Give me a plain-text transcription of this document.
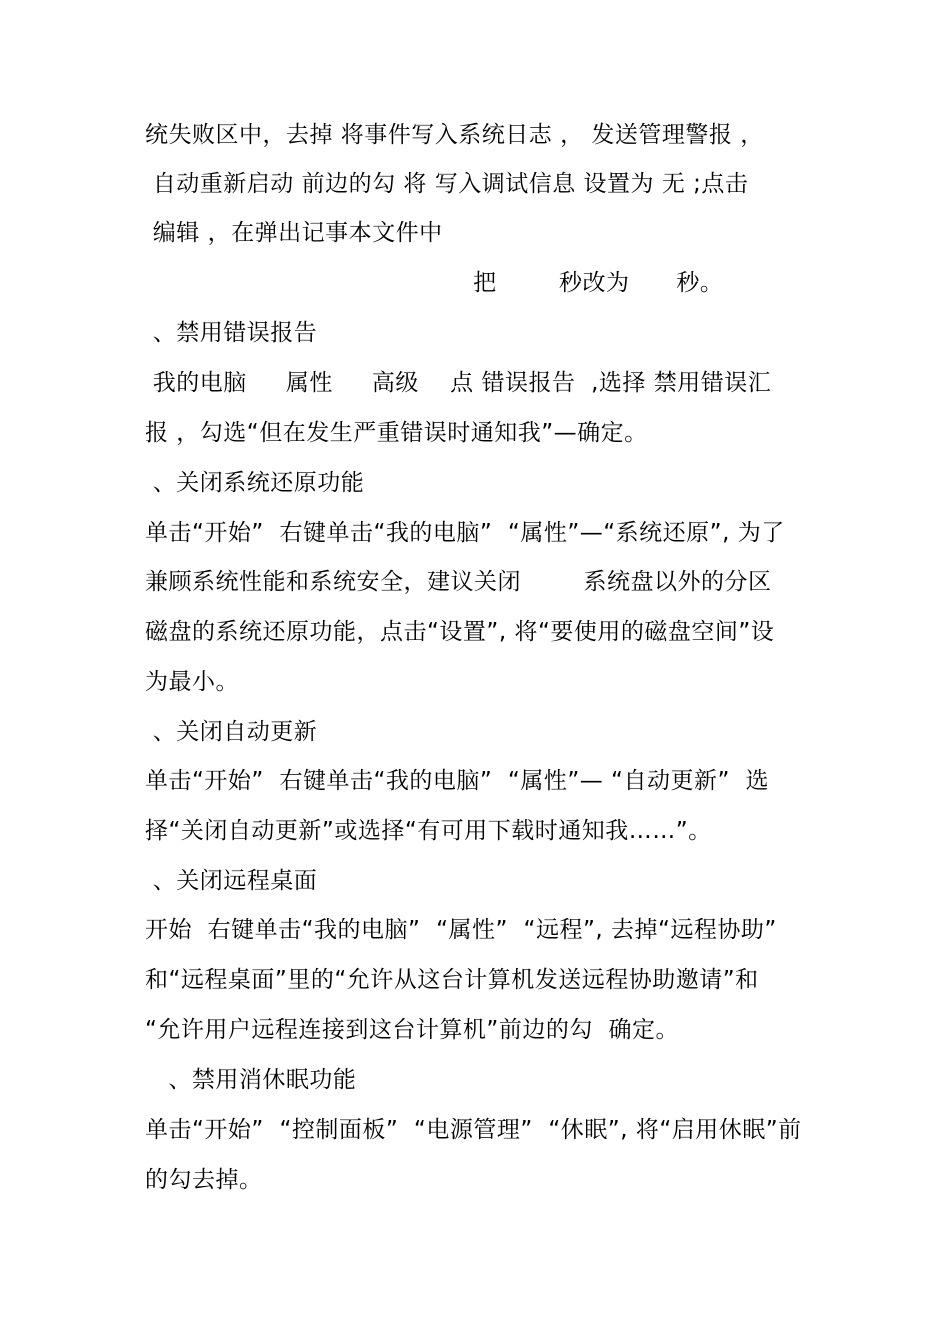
统失败区中，去掉 将事件写入系统日志 ， 发送管理警报 ，
自动重新启动 前边的勾 将 写入调试信息 设置为 无 ;点击
编辑 ，在弹出记事本文件中
把        秒改为      秒。
、禁用错误报告
我的电脑     属性     高级    点 错误报告  ,选择 禁用错误汇
报 ，勾选“但在发生严重错误时通知我”—确定。
、关闭系统还原功能
单击“开始”  右键单击“我的电脑”  “属性”—“系统还原”, 为了
兼顾系统性能和系统安全，建议关闭        系统盘以外的分区
磁盘的系统还原功能，点击“设置”, 将“要使用的磁盘空间”设
为最小。
、关闭自动更新
单击“开始”  右键单击“我的电脑”  “属性”— “自动更新”  选
择“关闭自动更新”或选择“有可用下载时通知我……”。
、关闭远程桌面
开始  右键单击“我的电脑”  “属性”  “远程”, 去掉“远程协助”
和“远程桌面”里的“允许从这台计算机发送远程协助邀请”和
“允许用户远程连接到这台计算机”前边的勾  确定。
、禁用消休眠功能
单击“开始”  “控制面板”  “电源管理”  “休眠”, 将“启用休眠”前
的勾去掉。
